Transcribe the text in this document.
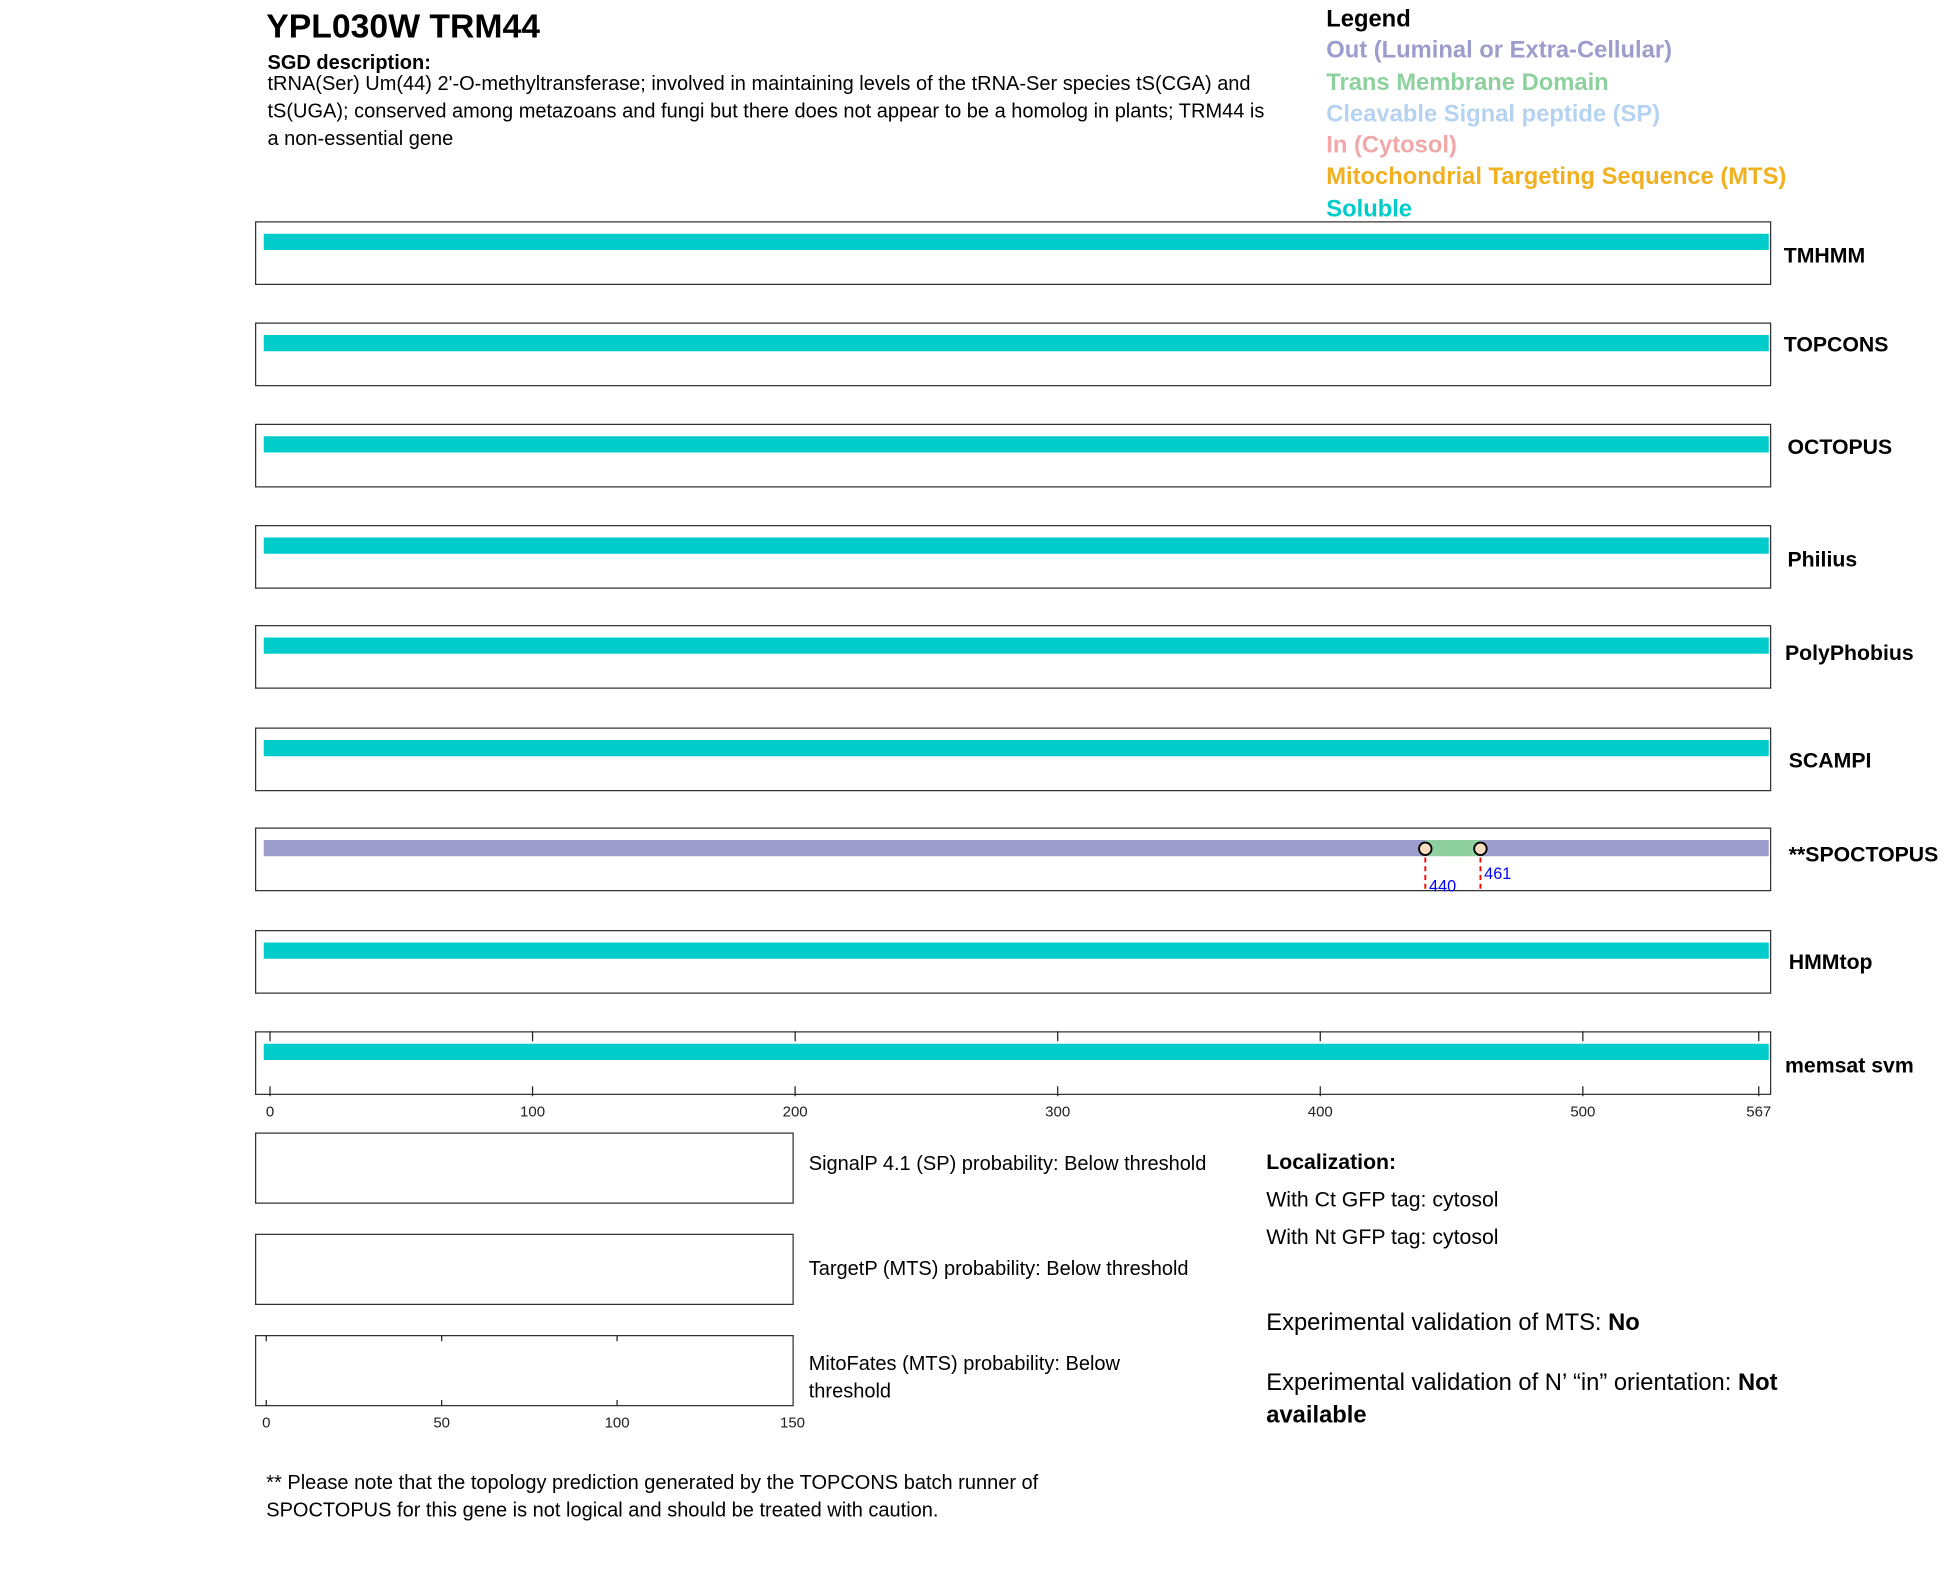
YPL030W TRM44
SGD description:
tRNA(Ser) Um(44) 2'-O-methyltransferase; involved in maintaining levels of the tRNA-Ser species tS(CGA) and tS(UGA); conserved among metazoans and fungi but there does not appear to be a homolog in plants; TRM44 is a non-essential gene
Legend
Out (Luminal or Extra-Cellular)
Trans Membrane Domain
Cleavable Signal peptide (SP)
In (Cytosol)
Mitochondrial Targeting Sequence (MTS)
Soluble
TMHMM
TOPCONS
OCTOPUS
Philius
PolyPhobius
SCAMPI
**SPOCTOPUS
HMMtop
memsat svm
440
461
0	100	200	300	400	500	567
0	50	100	150
SignalP 4.1 (SP) probability: Below threshold
TargetP (MTS) probability: Below threshold
MitoFates (MTS) probability: Below threshold
Localization:
With Ct GFP tag: cytosol
With Nt GFP tag: cytosol
Experimental validation of MTS: No
Experimental validation of N’ “in” orientation: Not available
** Please note that the topology prediction generated by the TOPCONS batch runner of SPOCTOPUS for this gene is not logical and should be treated with caution.
